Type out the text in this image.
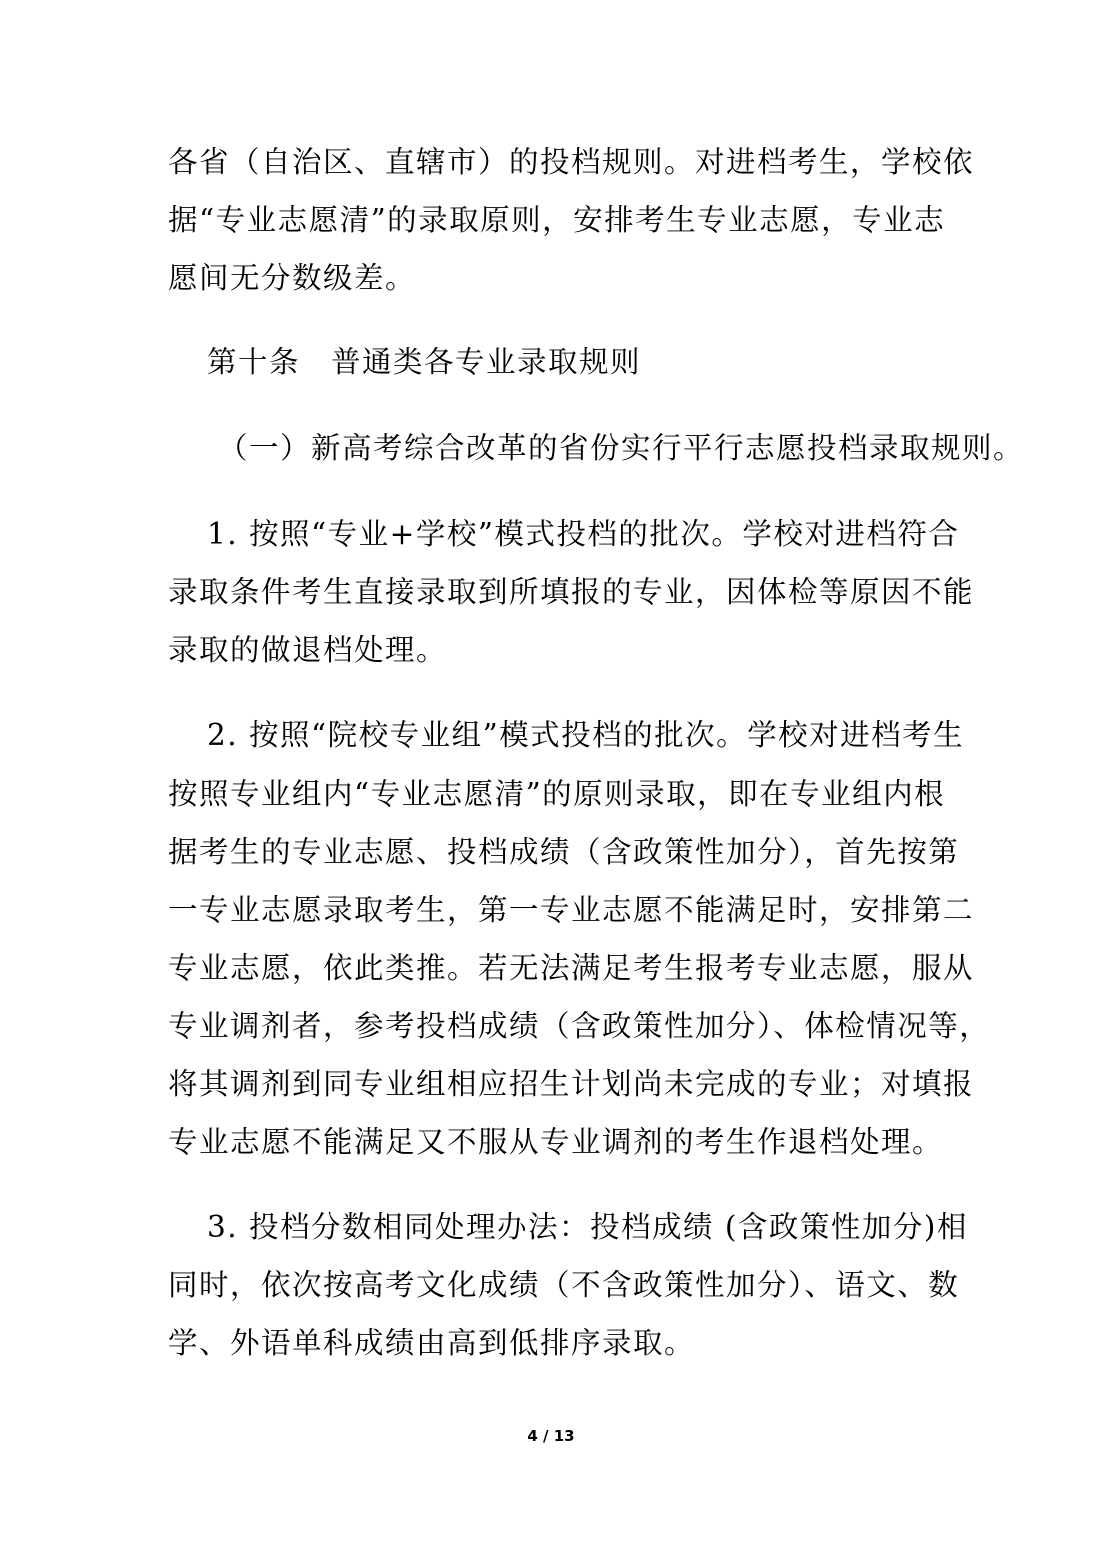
各省（自治区、直辖市）的投档规则。对进档考生，学校依
据“专业志愿清”的录取原则，安排考生专业志愿，专业志
愿间无分数级差。
第十条　普通类各专业录取规则
（一）新高考综合改革的省份实行平行志愿投档录取规则。
1. 按照“专业+学校”模式投档的批次。学校对进档符合
录取条件考生直接录取到所填报的专业，因体检等原因不能
录取的做退档处理。
2. 按照“院校专业组”模式投档的批次。学校对进档考生
按照专业组内“专业志愿清”的原则录取，即在专业组内根
据考生的专业志愿、投档成绩（含政策性加分），首先按第
一专业志愿录取考生，第一专业志愿不能满足时，安排第二
专业志愿，依此类推。若无法满足考生报考专业志愿，服从
专业调剂者，参考投档成绩（含政策性加分）、体检情况等，
将其调剂到同专业组相应招生计划尚未完成的专业；对填报
专业志愿不能满足又不服从专业调剂的考生作退档处理。
3. 投档分数相同处理办法：投档成绩 (含政策性加分)相
同时，依次按高考文化成绩（不含政策性加分）、语文、数
学、外语单科成绩由高到低排序录取。
4 / 13
